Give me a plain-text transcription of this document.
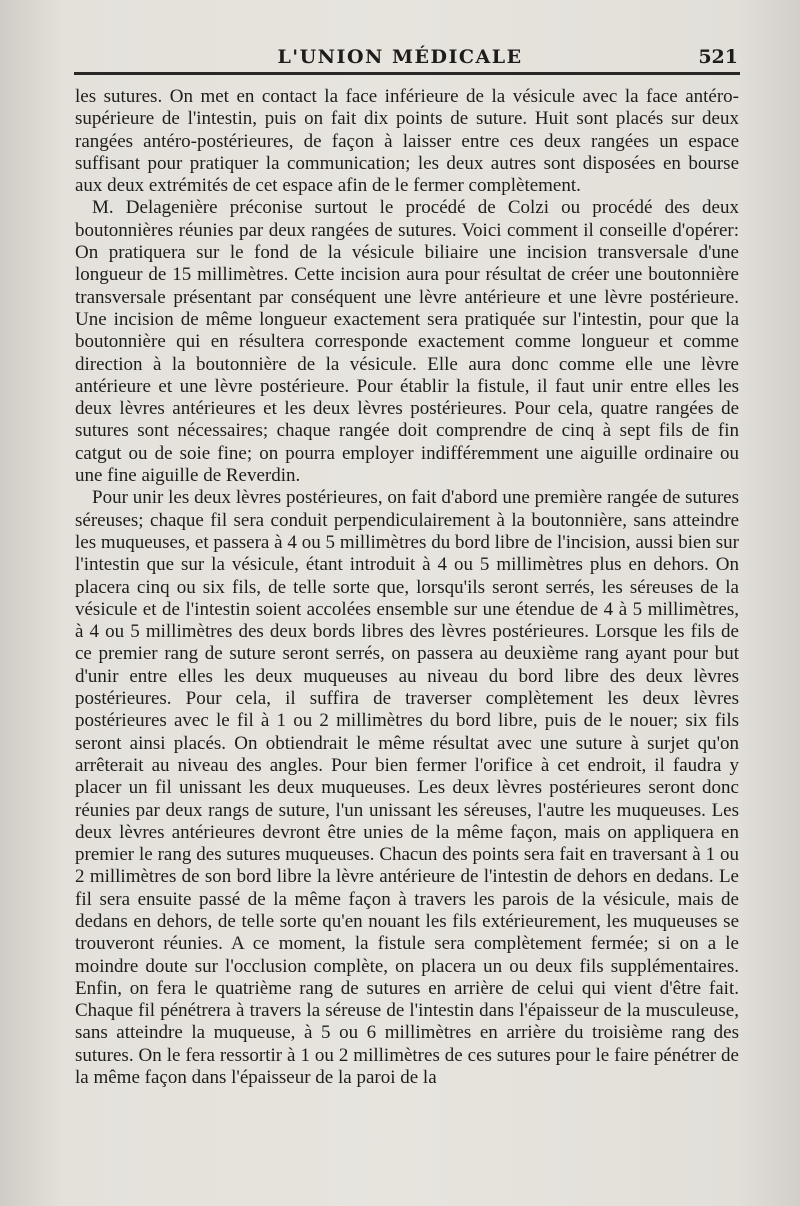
L'UNION MÉDICALE	521

les sutures. On met en contact la face inférieure de la vésicule avec la face antéro-supérieure de l'intestin, puis on fait dix points de suture. Huit sont placés sur deux rangées antéro-postérieures, de façon à laisser entre ces deux rangées un espace suffisant pour pratiquer la communication; les deux autres sont disposées en bourse aux deux extrémités de cet espace afin de le fermer complètement.

M. Delagenière préconise surtout le procédé de Colzi ou procédé des deux boutonnières réunies par deux rangées de sutures. Voici comment il conseille d'opérer: On pratiquera sur le fond de la vésicule biliaire une incision transversale d'une longueur de 15 millimètres. Cette incision aura pour résultat de créer une boutonnière transversale présentant par conséquent une lèvre antérieure et une lèvre postérieure. Une incision de même longueur exactement sera pratiquée sur l'intestin, pour que la boutonnière qui en résultera corresponde exactement comme longueur et comme direction à la boutonnière de la vésicule. Elle aura donc comme elle une lèvre antérieure et une lèvre postérieure. Pour établir la fistule, il faut unir entre elles les deux lèvres antérieures et les deux lèvres postérieures. Pour cela, quatre rangées de sutures sont nécessaires; chaque rangée doit comprendre de cinq à sept fils de fin catgut ou de soie fine; on pourra employer indifféremment une aiguille ordinaire ou une fine aiguille de Reverdin.

Pour unir les deux lèvres postérieures, on fait d'abord une première rangée de sutures séreuses; chaque fil sera conduit perpendiculairement à la boutonnière, sans atteindre les muqueuses, et passera à 4 ou 5 millimètres du bord libre de l'incision, aussi bien sur l'intestin que sur la vésicule, étant introduit à 4 ou 5 millimètres plus en dehors. On placera cinq ou six fils, de telle sorte que, lorsqu'ils seront serrés, les séreuses de la vésicule et de l'intestin soient accolées ensemble sur une étendue de 4 à 5 millimètres, à 4 ou 5 millimètres des deux bords libres des lèvres postérieures. Lorsque les fils de ce premier rang de suture seront serrés, on passera au deuxième rang ayant pour but d'unir entre elles les deux muqueuses au niveau du bord libre des deux lèvres postérieures. Pour cela, il suffira de traverser complètement les deux lèvres postérieures avec le fil à 1 ou 2 millimètres du bord libre, puis de le nouer; six fils seront ainsi placés. On obtiendrait le même résultat avec une suture à surjet qu'on arrêterait au niveau des angles. Pour bien fermer l'orifice à cet endroit, il faudra y placer un fil unissant les deux muqueuses. Les deux lèvres postérieures seront donc réunies par deux rangs de suture, l'un unissant les séreuses, l'autre les muqueuses. Les deux lèvres antérieures devront être unies de la même façon, mais on appliquera en premier le rang des sutures muqueuses. Chacun des points sera fait en traversant à 1 ou 2 millimètres de son bord libre la lèvre antérieure de l'intestin de dehors en dedans. Le fil sera ensuite passé de la même façon à travers les parois de la vésicule, mais de dedans en dehors, de telle sorte qu'en nouant les fils extérieurement, les muqueuses se trouveront réunies. A ce moment, la fistule sera complètement fermée; si on a le moindre doute sur l'occlusion complète, on placera un ou deux fils supplémentaires. Enfin, on fera le quatrième rang de sutures en arrière de celui qui vient d'être fait. Chaque fil pénétrera à travers la séreuse de l'intestin dans l'épaisseur de la musculeuse, sans atteindre la muqueuse, à 5 ou 6 millimètres en arrière du troisième rang des sutures. On le fera ressortir à 1 ou 2 millimètres de ces sutures pour le faire pénétrer de la même façon dans l'épaisseur de la paroi de la
